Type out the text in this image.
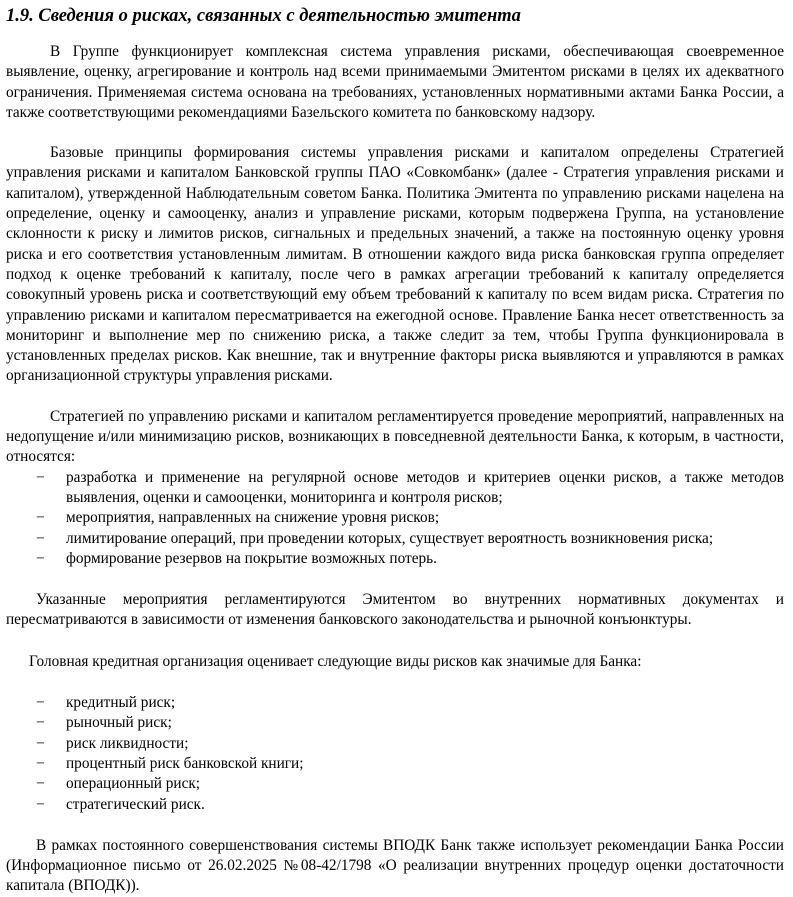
1.9. Сведения о рисках, связанных с деятельностью эмитента

В Группе функционирует комплексная система управления рисками, обеспечивающая своевременное выявление, оценку, агрегирование и контроль над всеми принимаемыми Эмитентом рисками в целях их адекватного ограничения. Применяемая система основана на требованиях, установленных нормативными актами Банка России, а также соответствующими рекомендациями Базельского комитета по банковскому надзору.

Базовые принципы формирования системы управления рисками и капиталом определены Стратегией управления рисками и капиталом Банковской группы ПАО «Совкомбанк» (далее - Стратегия управления рисками и капиталом), утвержденной Наблюдательным советом Банка. Политика Эмитента по управлению рисками нацелена на определение, оценку и самооценку, анализ и управление рисками, которым подвержена Группа, на установление склонности к риску и лимитов рисков, сигнальных и предельных значений, а также на постоянную оценку уровня риска и его соответствия установленным лимитам. В отношении каждого вида риска банковская группа определяет подход к оценке требований к капиталу, после чего в рамках агрегации требований к капиталу определяется совокупный уровень риска и соответствующий ему объем требований к капиталу по всем видам риска. Стратегия по управлению рисками и капиталом пересматривается на ежегодной основе. Правление Банка несет ответственность за мониторинг и выполнение мер по снижению риска, а также следит за тем, чтобы Группа функционировала в установленных пределах рисков. Как внешние, так и внутренние факторы риска выявляются и управляются в рамках организационной структуры управления рисками.

Стратегией по управлению рисками и капиталом регламентируется проведение мероприятий, направленных на недопущение и/или минимизацию рисков, возникающих в повседневной деятельности Банка, к которым, в частности, относятся:

− разработка и применение на регулярной основе методов и критериев оценки рисков, а также методов выявления, оценки и самооценки, мониторинга и контроля рисков;
− мероприятия, направленных на снижение уровня рисков;
− лимитирование операций, при проведении которых, существует вероятность возникновения риска;
− формирование резервов на покрытие возможных потерь.

Указанные мероприятия регламентируются Эмитентом во внутренних нормативных документах и пересматриваются в зависимости от изменения банковского законодательства и рыночной конъюнктуры.

Головная кредитная организация оценивает следующие виды рисков как значимые для Банка:

− кредитный риск;
− рыночный риск;
− риск ликвидности;
− процентный риск банковской книги;
− операционный риск;
− стратегический риск.

В рамках постоянного совершенствования системы ВПОДК Банк также использует рекомендации Банка России (Информационное письмо от 26.02.2025 №08-42/1798 «О реализации внутренних процедур оценки достаточности капитала (ВПОДК)).
